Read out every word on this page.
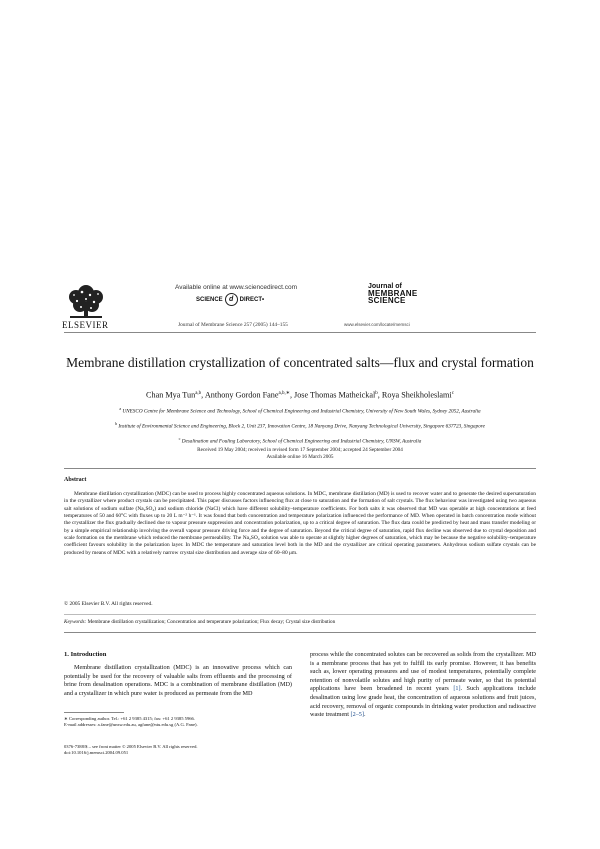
ELSEVIER
Available online at www.sciencedirect.com
SCIENCE d	DIRECT•
Journal of Membrane Science 257 (2005) 144–155
Journal of
MEMBRANE
SCIENCE
www.elsevier.com/locate/memsci
Membrane distillation crystallization of concentrated salts—flux and crystal formation
Chan Mya Tun$^{a,b}$, Anthony Gordon Fane$^{a,b,∗}$, Jose Thomas Matheickal$^b$, Roya Sheikholeslami$^c$
$^a$ UNESCO Centre for Membrane Science and Technology, School of Chemical Engineering and Industrial Chemistry, University of New South Wales, Sydney 2052, Australia
$^b$ Institute of Environmental Science and Engineering, Block 2, Unit 237, Innovation Centre, 18 Nanyang Drive, Nanyang Technological University, Singapore 637723, Singapore
$^c$ Desalination and Fouling Laboratory, School of Chemical Engineering and Industrial Chemistry, UNSW, Australia
Received 19 May 2004; received in revised form 17 September 2004; accepted 24 September 2004
Available online 16 March 2005
Abstract
Membrane distillation crystallization (MDC) can be used to process highly concentrated aqueous solutions. In MDC, membrane distillation (MD) is used to recover water and to generate the desired supersaturation in the crystallizer where product crystals can be precipitated. This paper discusses factors influencing flux at close to saturation and the formation of salt crystals. The flux behaviour was investigated using two aqueous salt solutions of sodium sulfate (Na₂SO₄) and sodium chloride (NaCl) which have different solubility–temperature coefficients. For both salts it was observed that MD was operable at high concentrations at feed temperatures of 50 and 60°C with fluxes up to 20 L m⁻² h⁻¹. It was found that both concentration and temperature polarization influenced the performance of MD. When operated in batch concentration mode without the crystallizer the flux gradually declined due to vapour pressure suppression and concentration polarization, up to a critical degree of saturation. The flux data could be predicted by heat and mass transfer modeling or by a simple empirical relationship involving the overall vapour pressure driving force and the degree of saturation. Beyond the critical degree of saturation, rapid flux decline was observed due to crystal deposition and scale formation on the membrane which reduced the membrane permeability. The Na₂SO₄ solution was able to operate at slightly higher degrees of saturation, which may be because the negative solubility–temperature coefficient favours solubility in the polarization layer. In MDC the temperature and saturation level both in the MD and the crystallizer are critical operating parameters. Anhydrous sodium sulfate crystals can be produced by means of MDC with a relatively narrow crystal size distribution and average size of 60–80 μm.
© 2005 Elsevier B.V. All rights reserved.
Keywords: Membrane distillation crystallization; Concentration and temperature polarization; Flux decay; Crystal size distribution
1. Introduction
Membrane distillation crystallization (MDC) is an innovative process which can potentially be used for the recovery of valuable salts from effluents and the processing of brine from desalination operations. MDC is a combination of membrane distillation (MD) and a crystallizer in which pure water is produced as permeate from the MD
process while the concentrated solutes can be recovered as solids from the crystallizer. MD is a membrane process that has yet to fulfill its early promise. However, it has benefits such as, lower operating pressures and use of modest temperatures, potentially complete retention of nonvolatile solutes and high purity of permeate water, so that its potential applications have been broadened in recent years [1]. Such applications include desalination using low grade heat, the concentration of aqueous solutions and fruit juices, acid recovery, removal of organic compounds in drinking water production and radioactive waste treatment [2–5].
∗ Corresponding author. Tel.: +61 2 9385 4315; fax: +61 2 9385 5966.
E-mail addresses: a.fane@unsw.edu.au, agfane@ntu.edu.sg (A.G. Fane).
0376-7388/$ – see front matter © 2005 Elsevier B.V. All rights reserved.
doi:10.1016/j.memsci.2004.09.051
